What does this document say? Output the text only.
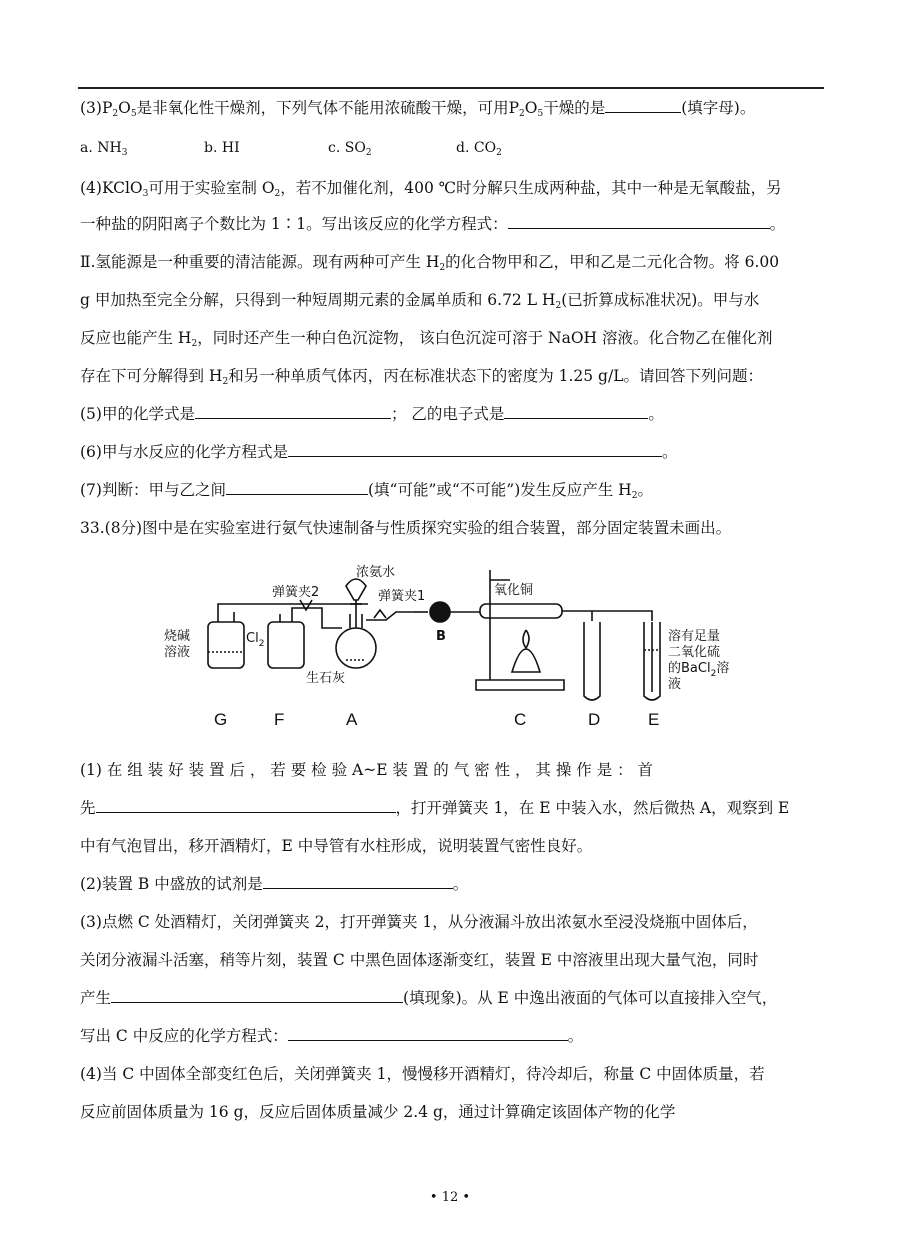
$(3)P_2O_5$是非氧化性干燥剂，下列气体不能用浓硫酸干燥，可用$P_2O_5$干燥的是	(填字母)。
a. $NH_3$	b. HI	c. $SO_2$	d. $CO_2$
(4)KClO$_3$可用于实验室制 $O_2$，若不加催化剂，400 ℃时分解只生成两种盐，其中一种是无氧酸盐，另
一种盐的阴阳离子个数比为 1∶1。写出该反应的化学方程式：	。
Ⅱ.氢能源是一种重要的清洁能源。现有两种可产生 $H_2$的化合物甲和乙，甲和乙是二元化合物。将 6.00
g 甲加热至完全分解，只得到一种短周期元素的金属单质和 6.72 L $H_2$(已折算成标准状况)。甲与水
反应也能产生 $H_2$，同时还产生一种白色沉淀物， 该白色沉淀可溶于 NaOH 溶液。化合物乙在催化剂
存在下可分解得到 $H_2$和另一种单质气体丙，丙在标准状态下的密度为 1.25 g/L。请回答下列问题：
(5)甲的化学式是	； 乙的电子式是	。
(6)甲与水反应的化学方程式是	。
(7)判断：甲与乙之间	(填“可能”或“不可能”)发生反应产生 $H_2$。
33.(8分)图中是在实验室进行氨气快速制备与性质探究实验的组合装置，部分固定装置未画出。
烧碱
溶液
$Cl_2$
弹簧夹2
浓氨水
弹簧夹1	氧化铜
B
生石灰
溶有足量
二氧化硫
的BaCl$_2$溶
液
G	F	A	C	D	E
(1) 在 组 装 好 装 置 后 ， 若 要 检 验 A~E 装 置 的 气 密 性 ， 其 操 作 是 ： 首
先	，打开弹簧夹 1，在 E 中装入水，然后微热 A，观察到 E
中有气泡冒出，移开酒精灯，E 中导管有水柱形成，说明装置气密性良好。
(2)装置 B 中盛放的试剂是	。
(3)点燃 C 处酒精灯，关闭弹簧夹 2，打开弹簧夹 1，从分液漏斗放出浓氨水至浸没烧瓶中固体后，
关闭分液漏斗活塞，稍等片刻，装置 C 中黑色固体逐渐变红，装置 E 中溶液里出现大量气泡，同时
产生	(填现象)。从 E 中逸出液面的气体可以直接排入空气，
写出 C 中反应的化学方程式：	。
(4)当 C 中固体全部变红色后，关闭弹簧夹 1，慢慢移开酒精灯，待冷却后，称量 C 中固体质量，若
反应前固体质量为 16 g，反应后固体质量减少 2.4 g，通过计算确定该固体产物的化学
• 12 •
